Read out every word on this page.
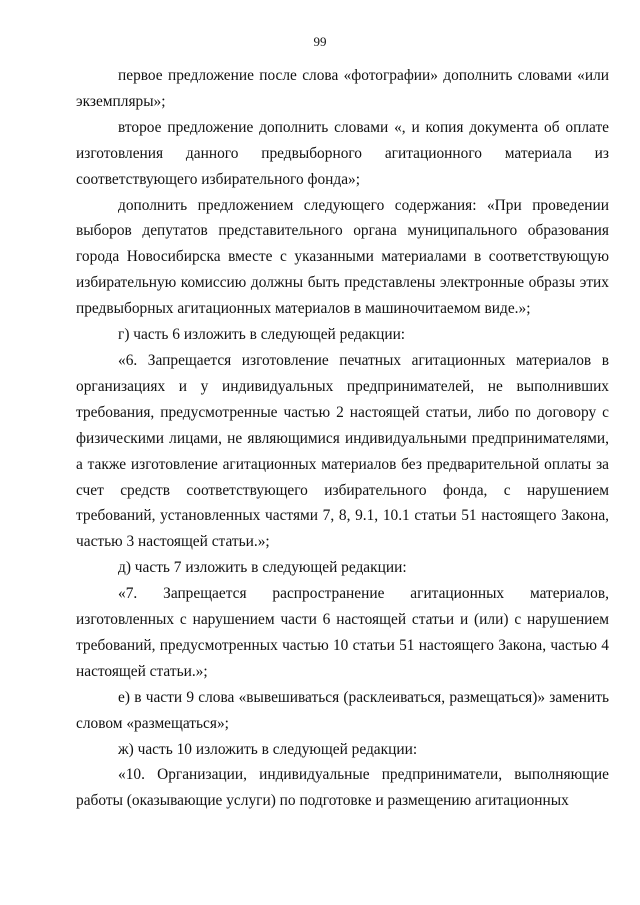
99

первое предложение после слова «фотографии» дополнить словами «или экземпляры»;

второе предложение дополнить словами «, и копия документа об оплате изготовления данного предвыборного агитационного материала из соответствующего избирательного фонда»;

дополнить предложением следующего содержания: «При проведении выборов депутатов представительного органа муниципального образования города Новосибирска вместе с указанными материалами в соответствующую избирательную комиссию должны быть представлены электронные образы этих предвыборных агитационных материалов в машиночитаемом виде.»;

г) часть 6 изложить в следующей редакции:

«6. Запрещается изготовление печатных агитационных материалов в организациях и у индивидуальных предпринимателей, не выполнивших требования, предусмотренные частью 2 настоящей статьи, либо по договору с физическими лицами, не являющимися индивидуальными предпринимателями, а также изготовление агитационных материалов без предварительной оплаты за счет средств соответствующего избирательного фонда, с нарушением требований, установленных частями 7, 8, 9.1, 10.1 статьи 51 настоящего Закона, частью 3 настоящей статьи.»;

д) часть 7 изложить в следующей редакции:

«7. Запрещается распространение агитационных материалов, изготовленных с нарушением части 6 настоящей статьи и (или) с нарушением требований, предусмотренных частью 10 статьи 51 настоящего Закона, частью 4 настоящей статьи.»;

е) в части 9 слова «вывешиваться (расклеиваться, размещаться)» заменить словом «размещаться»;

ж) часть 10 изложить в следующей редакции:

«10. Организации, индивидуальные предприниматели, выполняющие работы (оказывающие услуги) по подготовке и размещению агитационных
